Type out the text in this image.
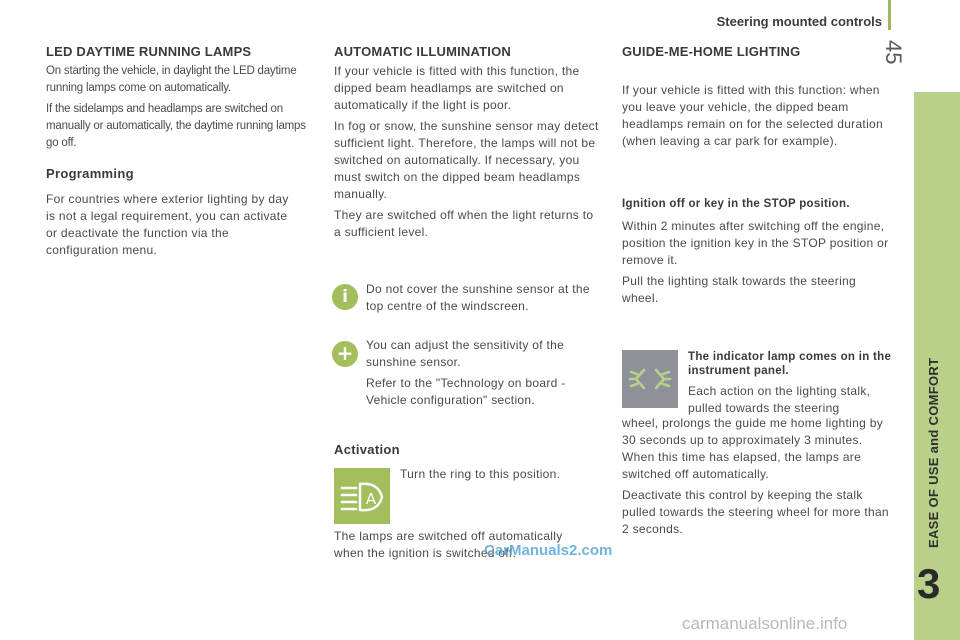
Steering mounted controls
45
EASE OF USE and COMFORT
3
LED DAYTIME RUNNING LAMPS

On starting the vehicle, in daylight the LED daytime running lamps come on automatically.

If the sidelamps and headlamps are switched on manually or automatically, the daytime running lamps go off.

Programming

For countries where exterior lighting by day is not a legal requirement, you can activate or deactivate the function via the configuration menu.

AUTOMATIC ILLUMINATION

If your vehicle is fitted with this function, the dipped beam headlamps are switched on automatically if the light is poor.

In fog or snow, the sunshine sensor may detect sufficient light. Therefore, the lamps will not be switched on automatically. If necessary, you must switch on the dipped beam headlamps manually.

They are switched off when the light returns to a sufficient level.

i	Do not cover the sunshine sensor at the top centre of the windscreen.

+	You can adjust the sensitivity of the sunshine sensor.

Refer to the "Technology on board - Vehicle configuration" section.

Activation
A

Turn the ring to this position.

The lamps are switched off automatically when the ignition is switched off.

GUIDE-ME-HOME LIGHTING

If your vehicle is fitted with this function: when you leave your vehicle, the dipped beam headlamps remain on for the selected duration (when leaving a car park for example).

Ignition off or key in the STOP position.

Within 2 minutes after switching off the engine, position the ignition key in the STOP position or remove it.

Pull the lighting stalk towards the steering wheel.

The indicator lamp comes on in the instrument panel.

Each action on the lighting stalk, pulled towards the steering

wheel, prolongs the guide me home lighting by 30 seconds up to approximately 3 minutes. When this time has elapsed, the lamps are switched off automatically.

Deactivate this control by keeping the stalk pulled towards the steering wheel for more than 2 seconds.

CarManuals2.com
carmanualsonline.info
